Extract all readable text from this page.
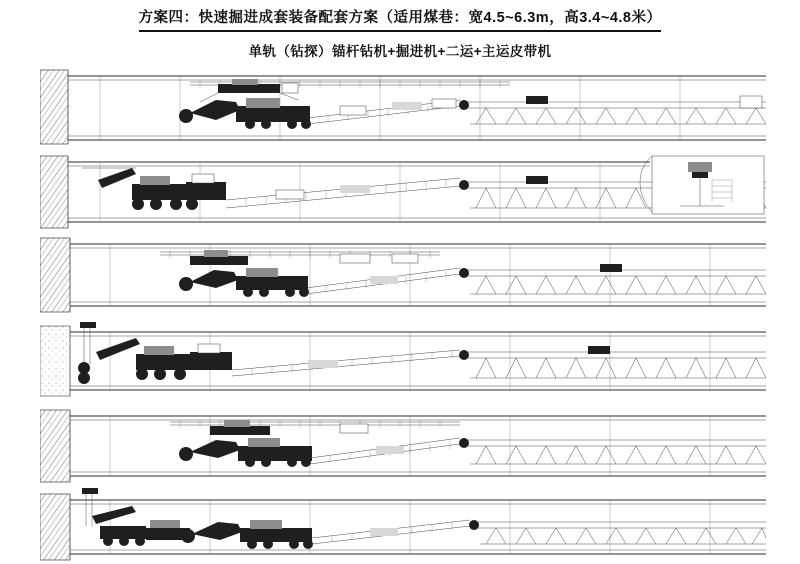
方案四：快速掘进成套装备配套方案（适用煤巷：宽4.5~6.3m，高3.4~4.8米）
单轨（钻探）锚杆钻机+掘进机+二运+主运皮带机
